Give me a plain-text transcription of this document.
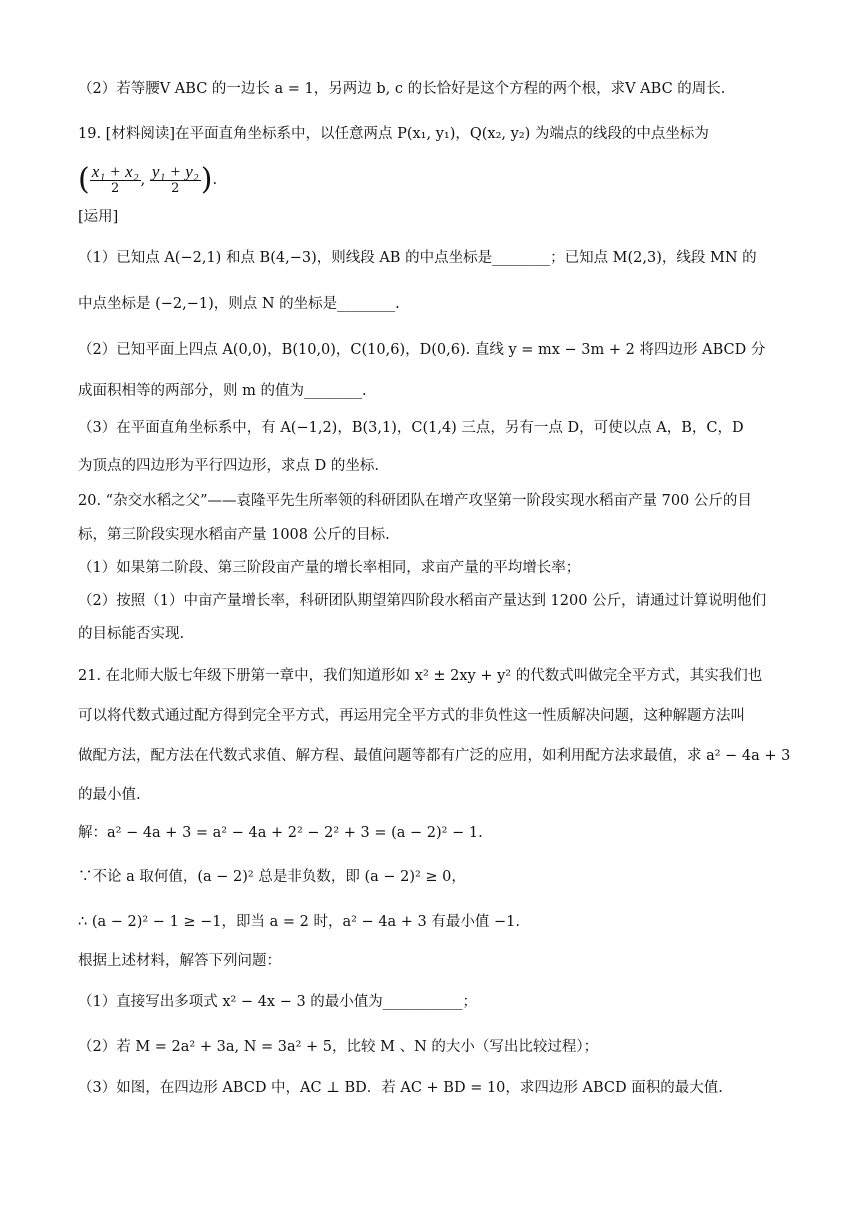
（2）若等腰V ABC 的一边长 a = 1，另两边 b, c 的长恰好是这个方程的两个根，求V ABC 的周长.
19. [材料阅读]在平面直角坐标系中，以任意两点 P(x₁, y₁)，Q(x₂, y₂) 为端点的线段的中点坐标为
( $\frac{\text{x₁ + x₂}}{2}$ , $\frac{\text{y₁ + y₂}}{2}$ ).
[运用]
（1）已知点 A(−2,1) 和点 B(4,−3)，则线段 AB 的中点坐标是________；已知点 M(2,3)，线段 MN 的
中点坐标是 (−2,−1)，则点 N 的坐标是________.
（2）已知平面上四点 A(0,0)，B(10,0)，C(10,6)，D(0,6). 直线 y = mx − 3m + 2 将四边形 ABCD 分
成面积相等的两部分，则 m 的值为________.
（3）在平面直角坐标系中，有 A(−1,2)，B(3,1)，C(1,4) 三点，另有一点 D，可使以点 A，B，C，D
为顶点的四边形为平行四边形，求点 D 的坐标.
20. “杂交水稻之父”——袁隆平先生所率领的科研团队在增产攻坚第一阶段实现水稻亩产量 700 公斤的目
标，第三阶段实现水稻亩产量 1008 公斤的目标.
（1）如果第二阶段、第三阶段亩产量的增长率相同，求亩产量的平均增长率；
（2）按照（1）中亩产量增长率，科研团队期望第四阶段水稻亩产量达到 1200 公斤，请通过计算说明他们
的目标能否实现.
21. 在北师大版七年级下册第一章中，我们知道形如 x² ± 2xy + y² 的代数式叫做完全平方式，其实我们也
可以将代数式通过配方得到完全平方式，再运用完全平方式的非负性这一性质解决问题，这种解题方法叫
做配方法，配方法在代数式求值、解方程、最值问题等都有广泛的应用，如利用配方法求最值，求 a² − 4a + 3
的最小值.
解：a² − 4a + 3 = a² − 4a + 2² − 2² + 3 = (a − 2)² − 1.
∵不论 a 取何值，(a − 2)² 总是非负数，即 (a − 2)² ≥ 0，
∴ (a − 2)² − 1 ≥ −1，即当 a = 2 时，a² − 4a + 3 有最小值 −1.
根据上述材料，解答下列问题：
（1）直接写出多项式 x² − 4x − 3 的最小值为___________；
（2）若 M = 2a² + 3a, N = 3a² + 5，比较 M 、N 的大小（写出比较过程）；
（3）如图，在四边形 ABCD 中，AC ⊥ BD．若 AC + BD = 10，求四边形 ABCD 面积的最大值.
